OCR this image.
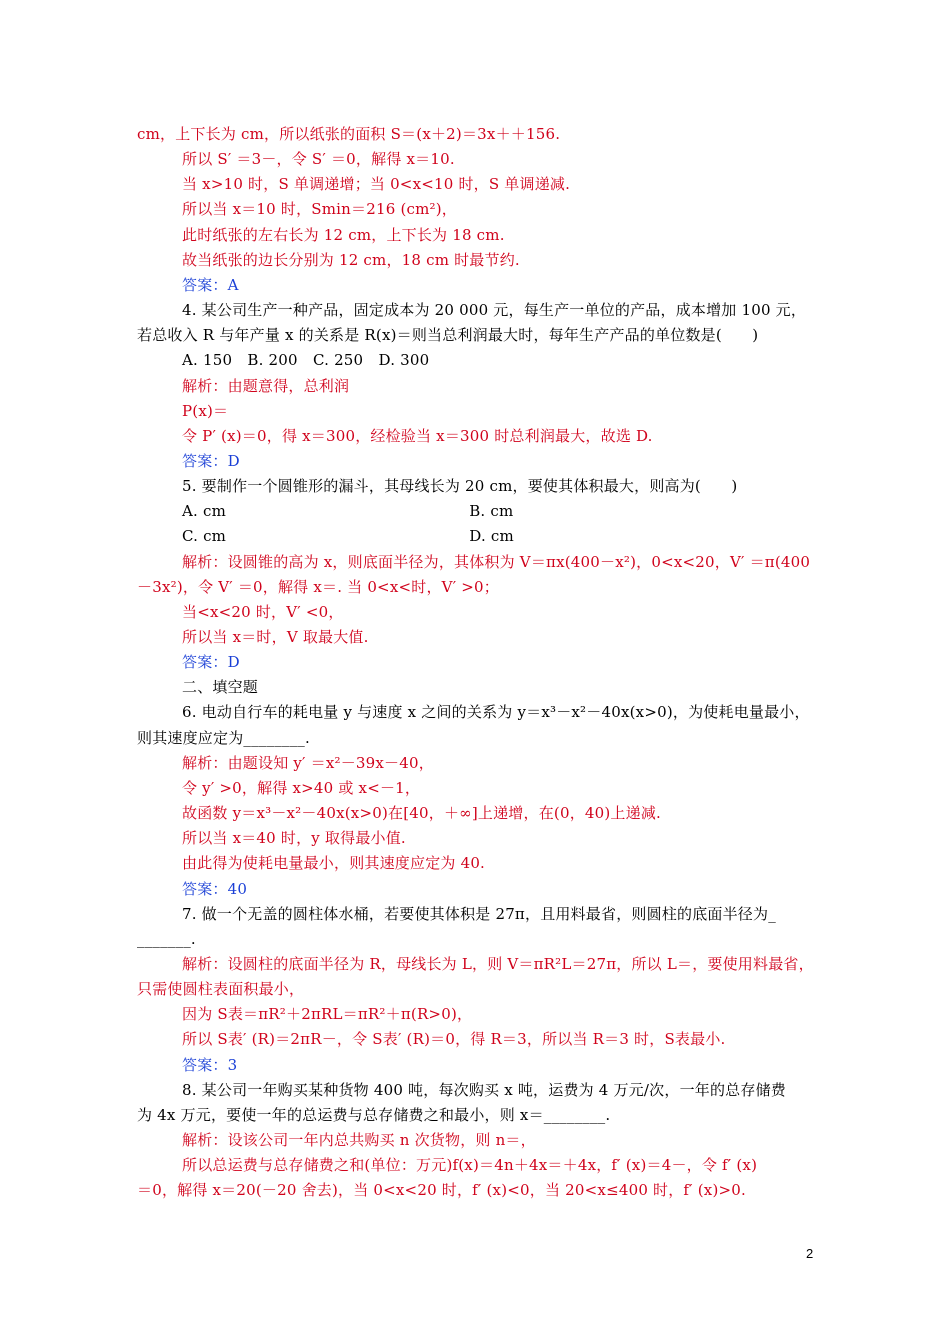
cm，上下长为 cm，所以纸张的面积 S＝(x＋2)＝3x＋＋156.
所以 S′ ＝3－，令 S′ ＝0，解得 x＝10.
当 x>10 时，S 单调递增；当 0<x<10 时，S 单调递减.
所以当 x＝10 时，Smin＝216 (cm²)，
此时纸张的左右长为 12 cm，上下长为 18 cm.
故当纸张的边长分别为 12 cm，18 cm 时最节约.
答案：A
4. 某公司生产一种产品，固定成本为 20 000 元，每生产一单位的产品，成本增加 100 元，
若总收入 R 与年产量 x 的关系是 R(x)＝则当总利润最大时，每年生产产品的单位数是(　　)
A. 150　B. 200　C. 250　D. 300
解析：由题意得，总利润
P(x)＝
令 P′ (x)＝0，得 x＝300，经检验当 x＝300 时总利润最大，故选 D.
答案：D
5. 要制作一个圆锥形的漏斗，其母线长为 20 cm，要使其体积最大，则高为(　　)
A. cm　　　　　　　　　　　　　　　　B. cm
C. cm　　　　　　　　　　　　　　　　D. cm
解析：设圆锥的高为 x，则底面半径为，其体积为 V＝πx(400－x²)，0<x<20，V′ ＝π(400
－3x²)，令 V′ ＝0，解得 x＝. 当 0<x<时，V′ >0；
当<x<20 时，V′ <0，
所以当 x＝时，V 取最大值.
答案：D
二、填空题
6. 电动自行车的耗电量 y 与速度 x 之间的关系为 y＝x³－x²－40x(x>0)，为使耗电量最小，
则其速度应定为________.
解析：由题设知 y′ ＝x²－39x－40，
令 y′ >0，解得 x>40 或 x<－1，
故函数 y＝x³－x²－40x(x>0)在[40，＋∞]上递增，在(0，40)上递减.
所以当 x＝40 时，y 取得最小值.
由此得为使耗电量最小，则其速度应定为 40.
答案：40
7. 做一个无盖的圆柱体水桶，若要使其体积是 27π，且用料最省，则圆柱的底面半径为_
_______.
解析：设圆柱的底面半径为 R，母线长为 L，则 V＝πR²L＝27π，所以 L＝，要使用料最省，
只需使圆柱表面积最小，
因为 S表＝πR²＋2πRL＝πR²＋π(R>0)，
所以 S表′ (R)＝2πR－，令 S表′ (R)＝0，得 R＝3，所以当 R＝3 时，S表最小.
答案：3
8. 某公司一年购买某种货物 400 吨，每次购买 x 吨，运费为 4 万元/次，一年的总存储费
为 4x 万元，要使一年的总运费与总存储费之和最小，则 x＝________.
解析：设该公司一年内总共购买 n 次货物，则 n＝，
所以总运费与总存储费之和(单位：万元)f(x)＝4n＋4x＝＋4x，f′ (x)＝4－，令 f′ (x)
＝0，解得 x＝20(－20 舍去)，当 0<x<20 时，f′ (x)<0，当 20<x≤400 时，f′ (x)>0.
2
